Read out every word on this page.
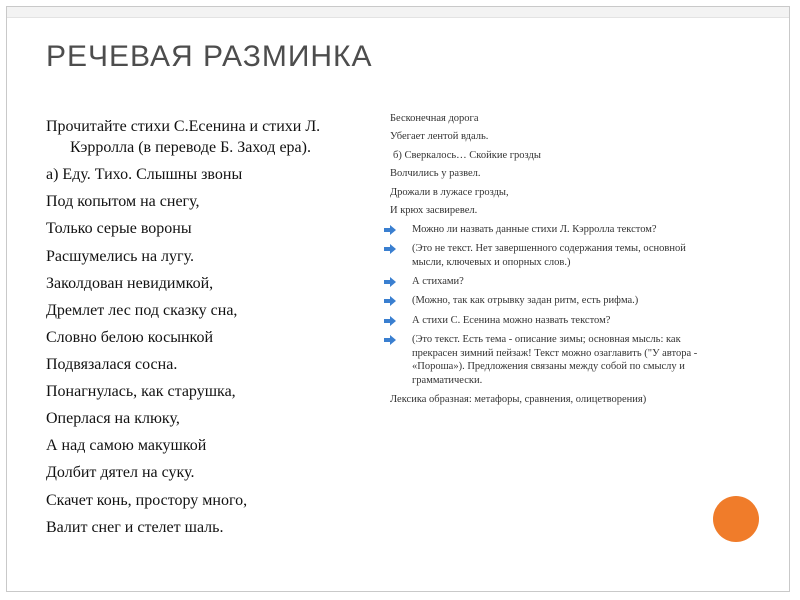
РЕЧЕВАЯ РАЗМИНКА
Прочитайте стихи С.Есенина и стихи Л. Кэрролла (в переводе Б. Заход ера).
а) Еду. Тихо. Слышны звоны
Под копытом на снегу,
Только серые вороны
Расшумелись на лугу.
Заколдован невидимкой,
Дремлет лес под сказку сна,
Словно белою косынкой
Подвязалася сосна.
Понагнулась, как старушка,
Оперлася на клюку,
А над самою макушкой
Долбит дятел на суку.
Скачет конь, простору много,
Валит снег и стелет шаль.
Бесконечная дорога
Убегает лентой вдаль.
б) Сверкалось… Скойкие грозды
Волчились у развел.
Дрожали в лужасе грозды,
И крюх засвиревел.
Можно ли назвать данные стихи Л. Кэрролла текстом?
(Это не текст. Нет завершенного содержания темы, основной мысли, ключевых и опорных слов.)
А стихами?
(Можно, так как отрывку задан ритм, есть рифма.)
А стихи С. Есенина можно назвать текстом?
(Это текст. Есть тема - описание зимы; основная мысль: как прекрасен зимний пейзаж! Текст можно озаглавить ("У автора - «Пороша»). Предложения связаны между собой по смыслу и грамматически.
Лексика образная: метафоры, сравнения, олицетворения)
